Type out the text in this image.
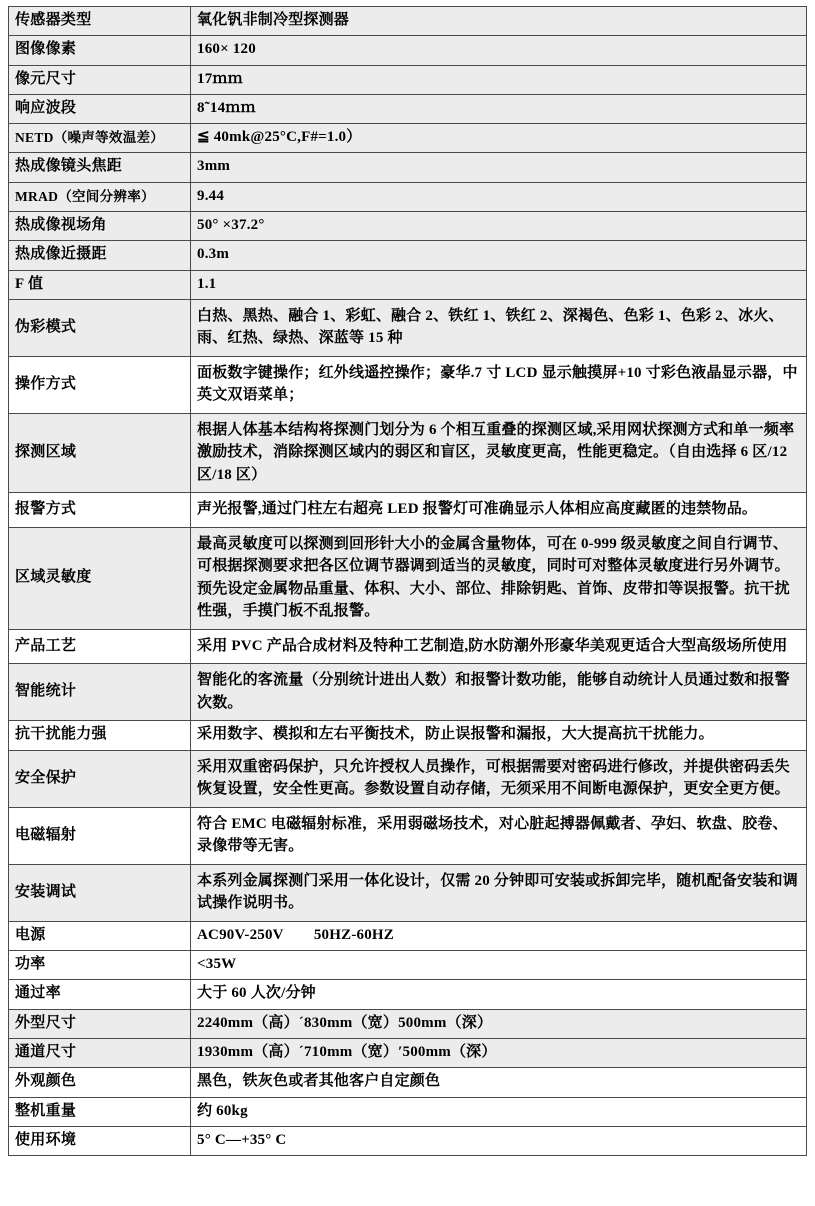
传感器类型	氧化钒非制冷型探测器
图像像素	160× 120
像元尺寸	17ｍｍ
响应波段	8˜14ｍｍ
NETD（噪声等效温差）	≦ 40mk@25°C,F#=1.0）
热成像镜头焦距	3mm
MRAD（空间分辨率）	9.44
热成像视场角	50° ×37.2°
热成像近摄距	0.3m
F 值	1.1
伪彩模式	白热、黑热、融合 1、彩虹、融合 2、铁红 1、铁红 2、深褐色、色彩 1、色彩 2、冰火、雨、红热、绿热、深蓝等 15 种
操作方式	面板数字键操作；红外线遥控操作；豪华.7 寸 LCD 显示触摸屏+10 寸彩色液晶显示器，中英文双语菜单；
探测区域	根据人体基本结构将探测门划分为 6 个相互重叠的探测区域,采用网状探测方式和单一频率激励技术，消除探测区域内的弱区和盲区，灵敏度更高，性能更稳定。（自由选择 6 区/12 区/18 区）
报警方式	声光报警,通过门柱左右超亮 LED 报警灯可准确显示人体相应高度藏匿的违禁物品。
区域灵敏度	最高灵敏度可以探测到回形针大小的金属含量物体，可在 0-999 级灵敏度之间自行调节、可根据探测要求把各区位调节器调到适当的灵敏度，同时可对整体灵敏度进行另外调节。预先设定金属物品重量、体积、大小、部位、排除钥匙、首饰、皮带扣等误报警。抗干扰性强，手摸门板不乱报警。
产品工艺	采用 PVC 产品合成材料及特种工艺制造,防水防潮外形豪华美观更适合大型高级场所使用
智能统计	智能化的客流量（分别统计进出人数）和报警计数功能，能够自动统计人员通过数和报警次数。
抗干扰能力强	采用数字、模拟和左右平衡技术，防止误报警和漏报，大大提高抗干扰能力。
安全保护	采用双重密码保护，只允许授权人员操作，可根据需要对密码进行修改，并提供密码丢失恢复设置，安全性更高。参数设置自动存储，无须采用不间断电源保护，更安全更方便。
电磁辐射	符合 EMC 电磁辐射标准，采用弱磁场技术，对心脏起搏器佩戴者、孕妇、软盘、胶卷、录像带等无害。
安装调试	本系列金属探测门采用一体化设计，仅需 20 分钟即可安装或拆卸完毕，随机配备安装和调试操作说明书。
电源	AC90V-250V　　50HZ-60HZ
功率	<35W
通过率	大于 60 人次/分钟
外型尺寸	2240mm（高）´830mm（宽）500mm（深）
通道尺寸	1930mm（高）´710mm（宽）′500mm（深）
外观颜色	黑色，铁灰色或者其他客户自定颜色
整机重量	约 60kg
使用环境	5° C—+35° C
